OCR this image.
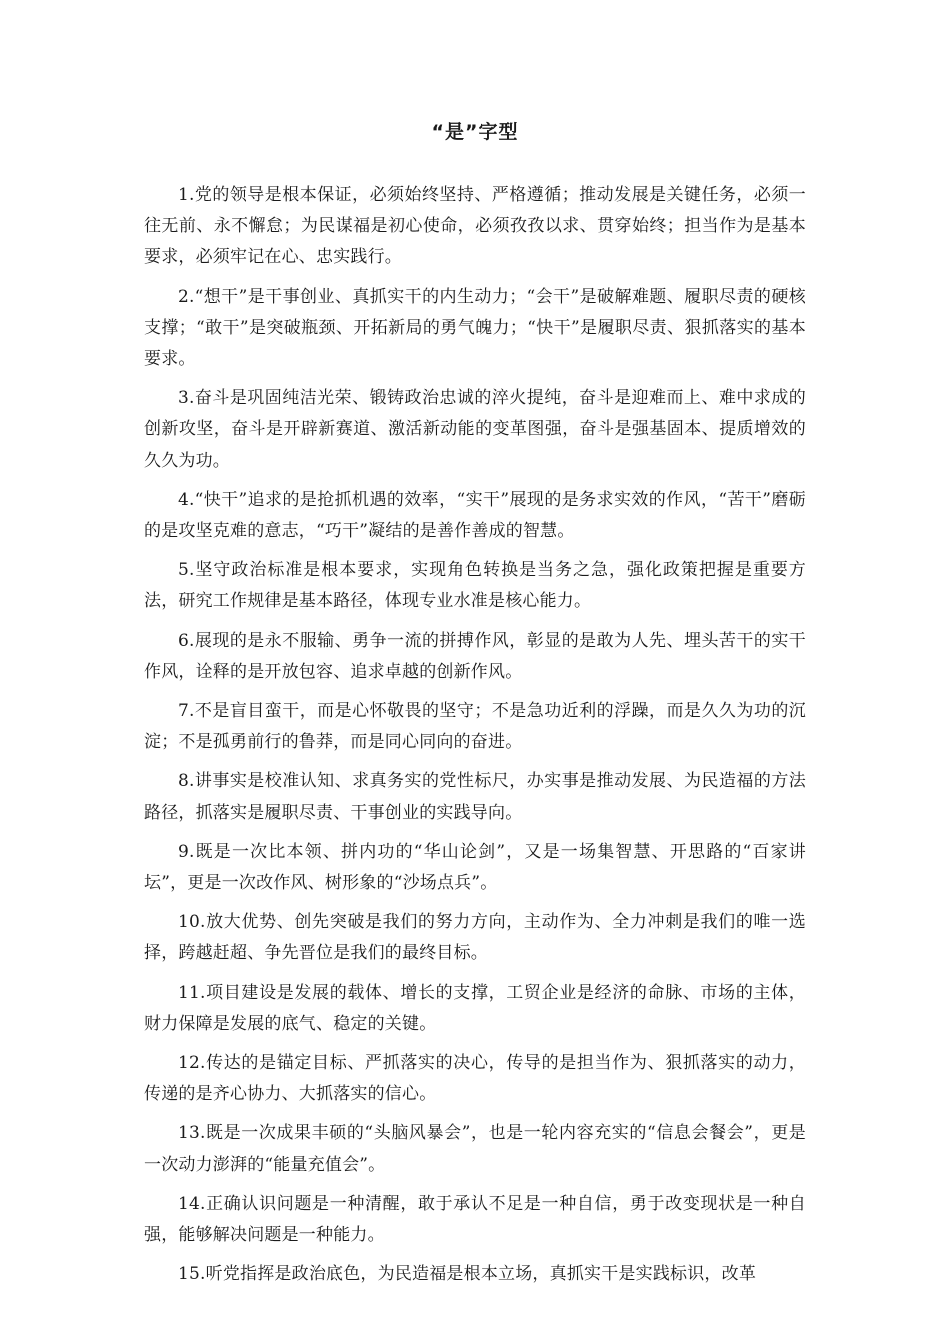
“是”字型

1.党的领导是根本保证，必须始终坚持、严格遵循；推动发展是关键任务，必须一往无前、永不懈怠；为民谋福是初心使命，必须孜孜以求、贯穿始终；担当作为是基本要求，必须牢记在心、忠实践行。

2.“想干”是干事创业、真抓实干的内生动力；“会干”是破解难题、履职尽责的硬核支撑；“敢干”是突破瓶颈、开拓新局的勇气魄力；“快干”是履职尽责、狠抓落实的基本要求。

3.奋斗是巩固纯洁光荣、锻铸政治忠诚的淬火提纯，奋斗是迎难而上、难中求成的创新攻坚，奋斗是开辟新赛道、激活新动能的变革图强，奋斗是强基固本、提质增效的久久为功。

4.“快干”追求的是抢抓机遇的效率，“实干”展现的是务求实效的作风，“苦干”磨砺的是攻坚克难的意志，“巧干”凝结的是善作善成的智慧。

5.坚守政治标准是根本要求，实现角色转换是当务之急，强化政策把握是重要方法，研究工作规律是基本路径，体现专业水准是核心能力。

6.展现的是永不服输、勇争一流的拼搏作风，彰显的是敢为人先、埋头苦干的实干作风，诠释的是开放包容、追求卓越的创新作风。

7.不是盲目蛮干，而是心怀敬畏的坚守；不是急功近利的浮躁，而是久久为功的沉淀；不是孤勇前行的鲁莽，而是同心同向的奋进。

8.讲事实是校准认知、求真务实的党性标尺，办实事是推动发展、为民造福的方法路径，抓落实是履职尽责、干事创业的实践导向。

9.既是一次比本领、拼内功的“华山论剑”，又是一场集智慧、开思路的“百家讲坛”，更是一次改作风、树形象的“沙场点兵”。

10.放大优势、创先突破是我们的努力方向，主动作为、全力冲刺是我们的唯一选择，跨越赶超、争先晋位是我们的最终目标。

11.项目建设是发展的载体、增长的支撑，工贸企业是经济的命脉、市场的主体，财力保障是发展的底气、稳定的关键。

12.传达的是锚定目标、严抓落实的决心，传导的是担当作为、狠抓落实的动力，传递的是齐心协力、大抓落实的信心。

13.既是一次成果丰硕的“头脑风暴会”，也是一轮内容充实的“信息会餐会”，更是一次动力澎湃的“能量充值会”。

14.正确认识问题是一种清醒，敢于承认不足是一种自信，勇于改变现状是一种自强，能够解决问题是一种能力。

15.听党指挥是政治底色，为民造福是根本立场，真抓实干是实践标识，改革
